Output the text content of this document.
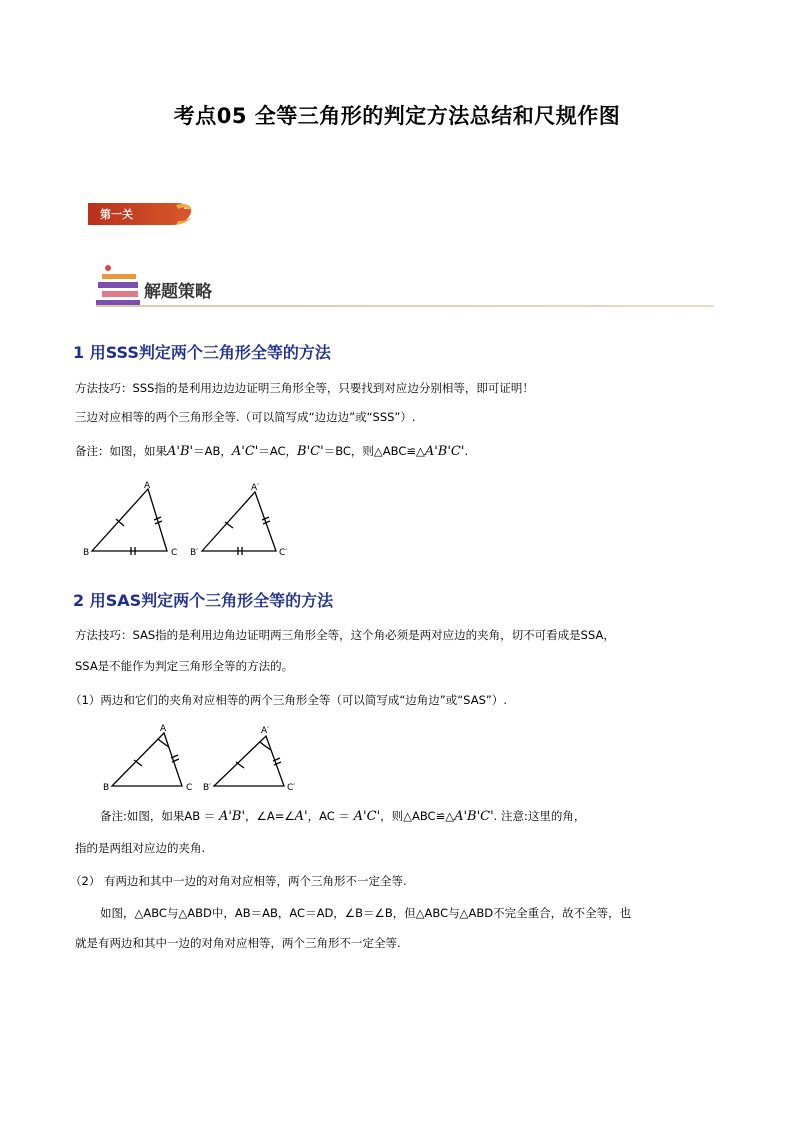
考点05 全等三角形的判定方法总结和尺规作图
第一关
解题策略
1 用SSS判定两个三角形全等的方法
方法技巧：SSS指的是利用边边边证明三角形全等，只要找到对应边分别相等，即可证明！
三边对应相等的两个三角形全等.（可以简写成“边边边”或“SSS”）.
备注：如图，如果A'B'＝AB，A'C'＝AC，B'C'＝BC，则△ABC≌△A'B'C'.
A
B	C
A′
B′	C′
2 用SAS判定两个三角形全等的方法
方法技巧：SAS指的是利用边角边证明两三角形全等，这个角必须是两对应边的夹角，切不可看成是SSA，
SSA是不能作为判定三角形全等的方法的。
（1）两边和它们的夹角对应相等的两个三角形全等（可以简写成“边角边”或“SAS”）.
A
B	C
A′
B′	C′
备注:如图，如果AB ＝ A'B'，∠A=∠A'，AC ＝ A'C'，则△ABC≌△A'B'C'. 注意:这里的角，
指的是两组对应边的夹角.
（2） 有两边和其中一边的对角对应相等，两个三角形不一定全等.
如图，△ABC与△ABD中，AB＝AB，AC＝AD，∠B＝∠B，但△ABC与△ABD不完全重合，故不全等，也
就是有两边和其中一边的对角对应相等，两个三角形不一定全等.
